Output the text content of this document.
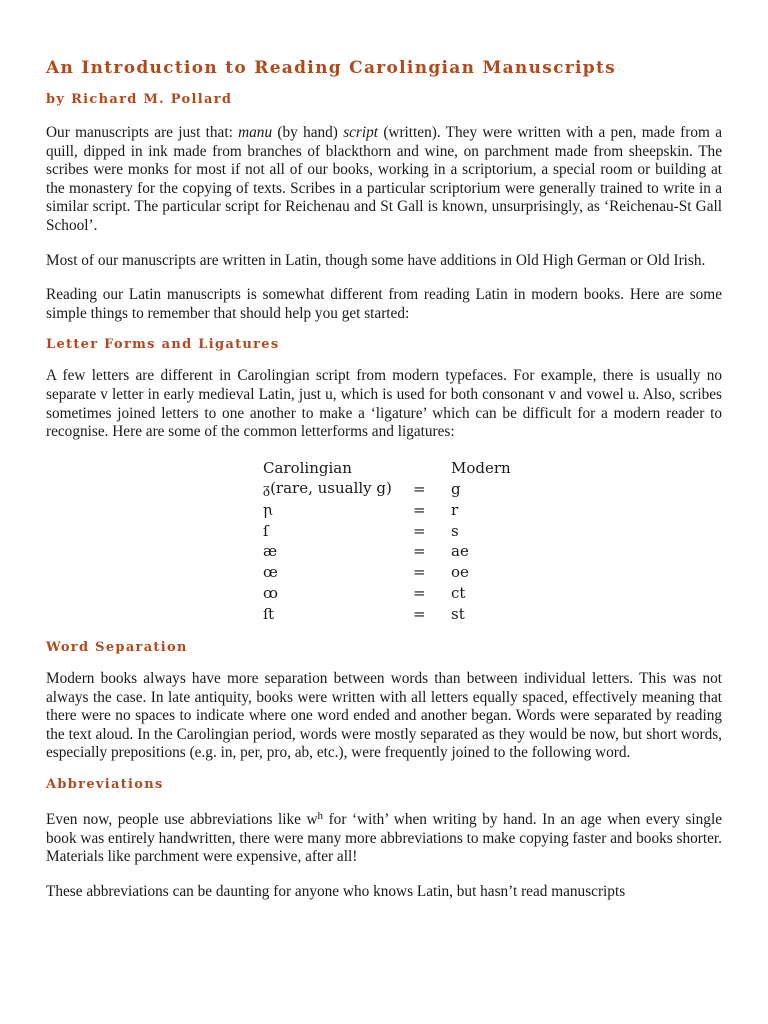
An Introduction to Reading Carolingian Manuscripts
by Richard M. Pollard

Our manuscripts are just that: manu (by hand) script (written). They were written with a pen, made from a quill, dipped in ink made from branches of blackthorn and wine, on parchment made from sheepskin. The scribes were monks for most if not all of our books, working in a scriptorium, a special room or building at the monastery for the copying of texts. Scribes in a particular scriptorium were generally trained to write in a similar script. The particular script for Reichenau and St Gall is known, unsurprisingly, as ‘Reichenau-St Gall School’.

Most of our manuscripts are written in Latin, though some have additions in Old High German or Old Irish.

Reading our Latin manuscripts is somewhat different from reading Latin in modern books. Here are some simple things to remember that should help you get started:

Letter Forms and Ligatures

A few letters are different in Carolingian script from modern typefaces. For example, there is usually no separate v letter in early medieval Latin, just u, which is used for both consonant v and vowel u. Also, scribes sometimes joined letters to one another to make a ‘ligature’ which can be difficult for a modern reader to recognise. Here are some of the common letterforms and ligatures:

Carolingian	Modern
ᵹ(rare, usually g)	=	g
ꞃ	=	r
ſ	=	s
æ	=	ae
œ	=	oe
ꝏ	=	ct
ﬅ	=	st
Word Separation

Modern books always have more separation between words than between individual letters. This was not always the case. In late antiquity, books were written with all letters equally spaced, effectively meaning that there were no spaces to indicate where one word ended and another began. Words were separated by reading the text aloud. In the Carolingian period, words were mostly separated as they would be now, but short words, especially prepositions (e.g. in, per, pro, ab, etc.), were frequently joined to the following word.

Abbreviations

Even now, people use abbreviations like $w^h$ for ‘with’ when writing by hand. In an age when every single book was entirely handwritten, there were many more abbreviations to make copying faster and books shorter. Materials like parchment were expensive, after all!

These abbreviations can be daunting for anyone who knows Latin, but hasn’t read manuscripts
